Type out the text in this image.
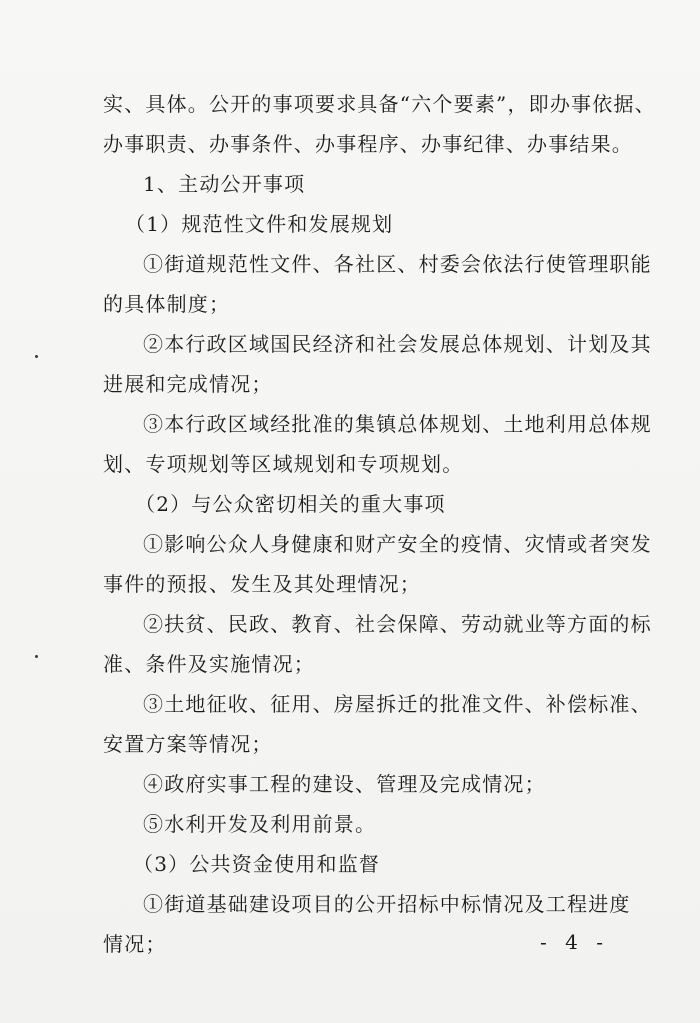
实、具体。公开的事项要求具备“六个要素”，即办事依据、
办事职责、办事条件、办事程序、办事纪律、办事结果。
1、主动公开事项
（1）规范性文件和发展规划
①街道规范性文件、各社区、村委会依法行使管理职能
的具体制度；
②本行政区域国民经济和社会发展总体规划、计划及其
进展和完成情况；
③本行政区域经批准的集镇总体规划、土地利用总体规
划、专项规划等区域规划和专项规划。
（2）与公众密切相关的重大事项
①影响公众人身健康和财产安全的疫情、灾情或者突发
事件的预报、发生及其处理情况；
②扶贫、民政、教育、社会保障、劳动就业等方面的标
准、条件及实施情况；
③土地征收、征用、房屋拆迁的批准文件、补偿标准、
安置方案等情况；
④政府实事工程的建设、管理及完成情况；
⑤水利开发及利用前景。
（3）公共资金使用和监督
①街道基础建设项目的公开招标中标情况及工程进度
情况；	- 4 -
